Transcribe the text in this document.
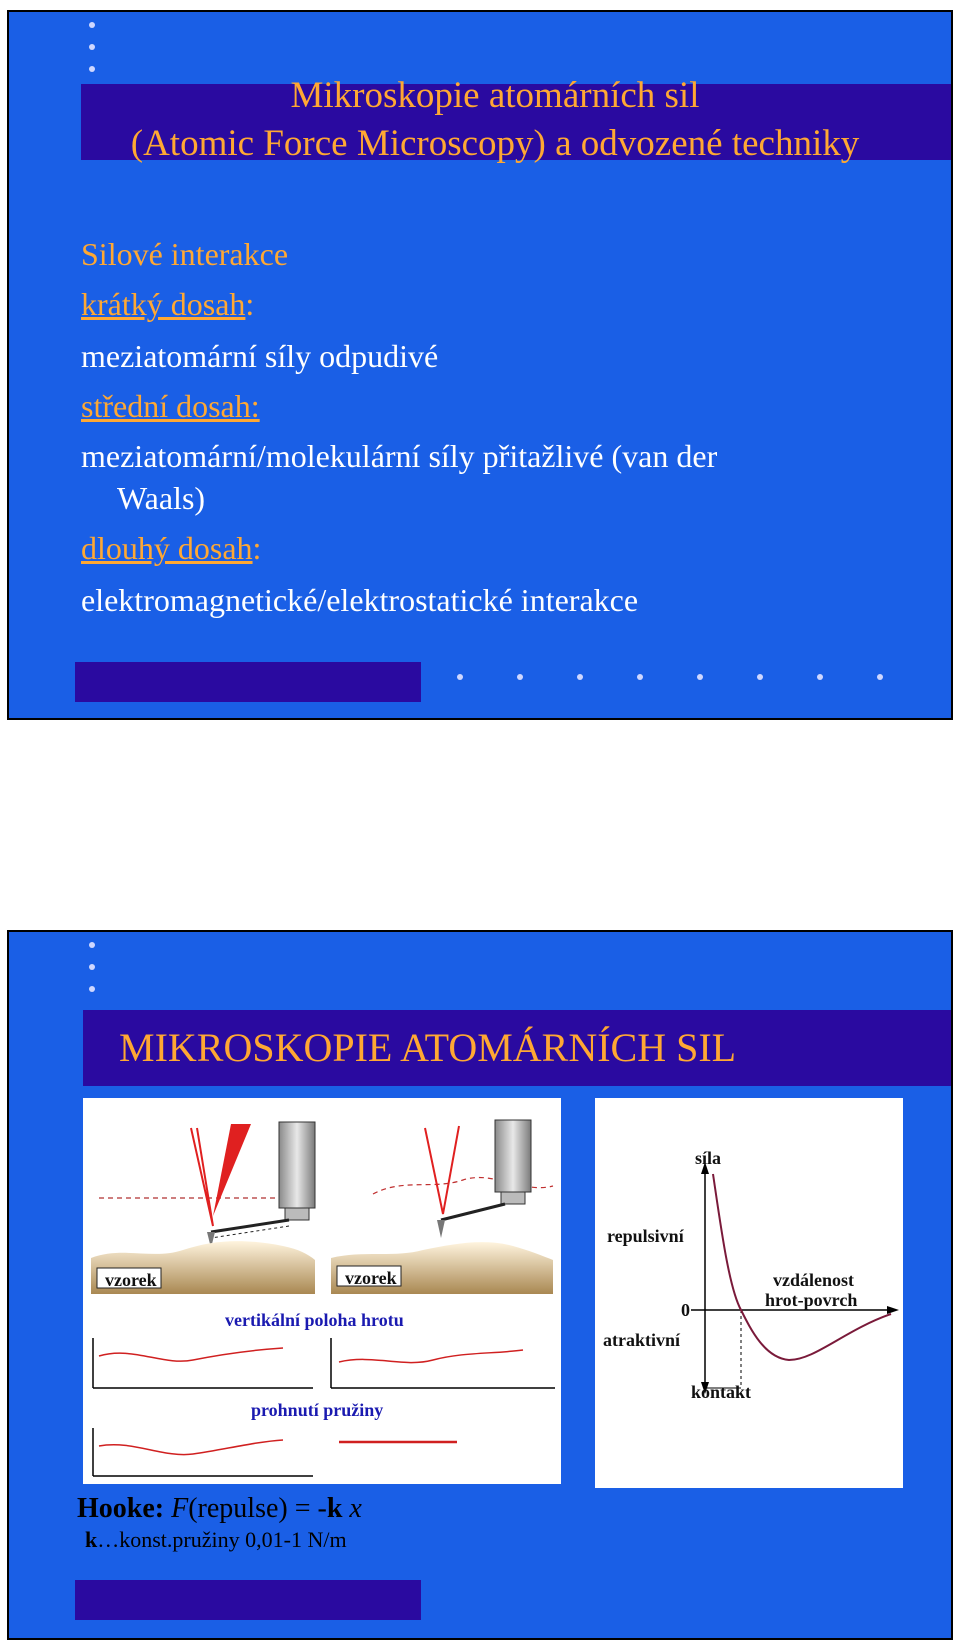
Mikroskopie atomárních sil
(Atomic Force Microscopy) a odvozené techniky
Silové interakce
krátký dosah:
meziatomární síly odpudivé
střední dosah:
meziatomární/molekulární síly přitažlivé (van der
Waals)
dlouhý dosah:
elektromagnetické/elektrostatické interakce
MIKROSKOPIE ATOMÁRNÍCH SIL
vzorek	vzorek
vertikální poloha hrotu
prohnutí pružiny
síla
repulsivní
0
atraktivní
vzdálenost
hrot-povrch
kontakt
Hooke: F(repulse) = -k x
k…konst.pružiny 0,01-1 N/m
